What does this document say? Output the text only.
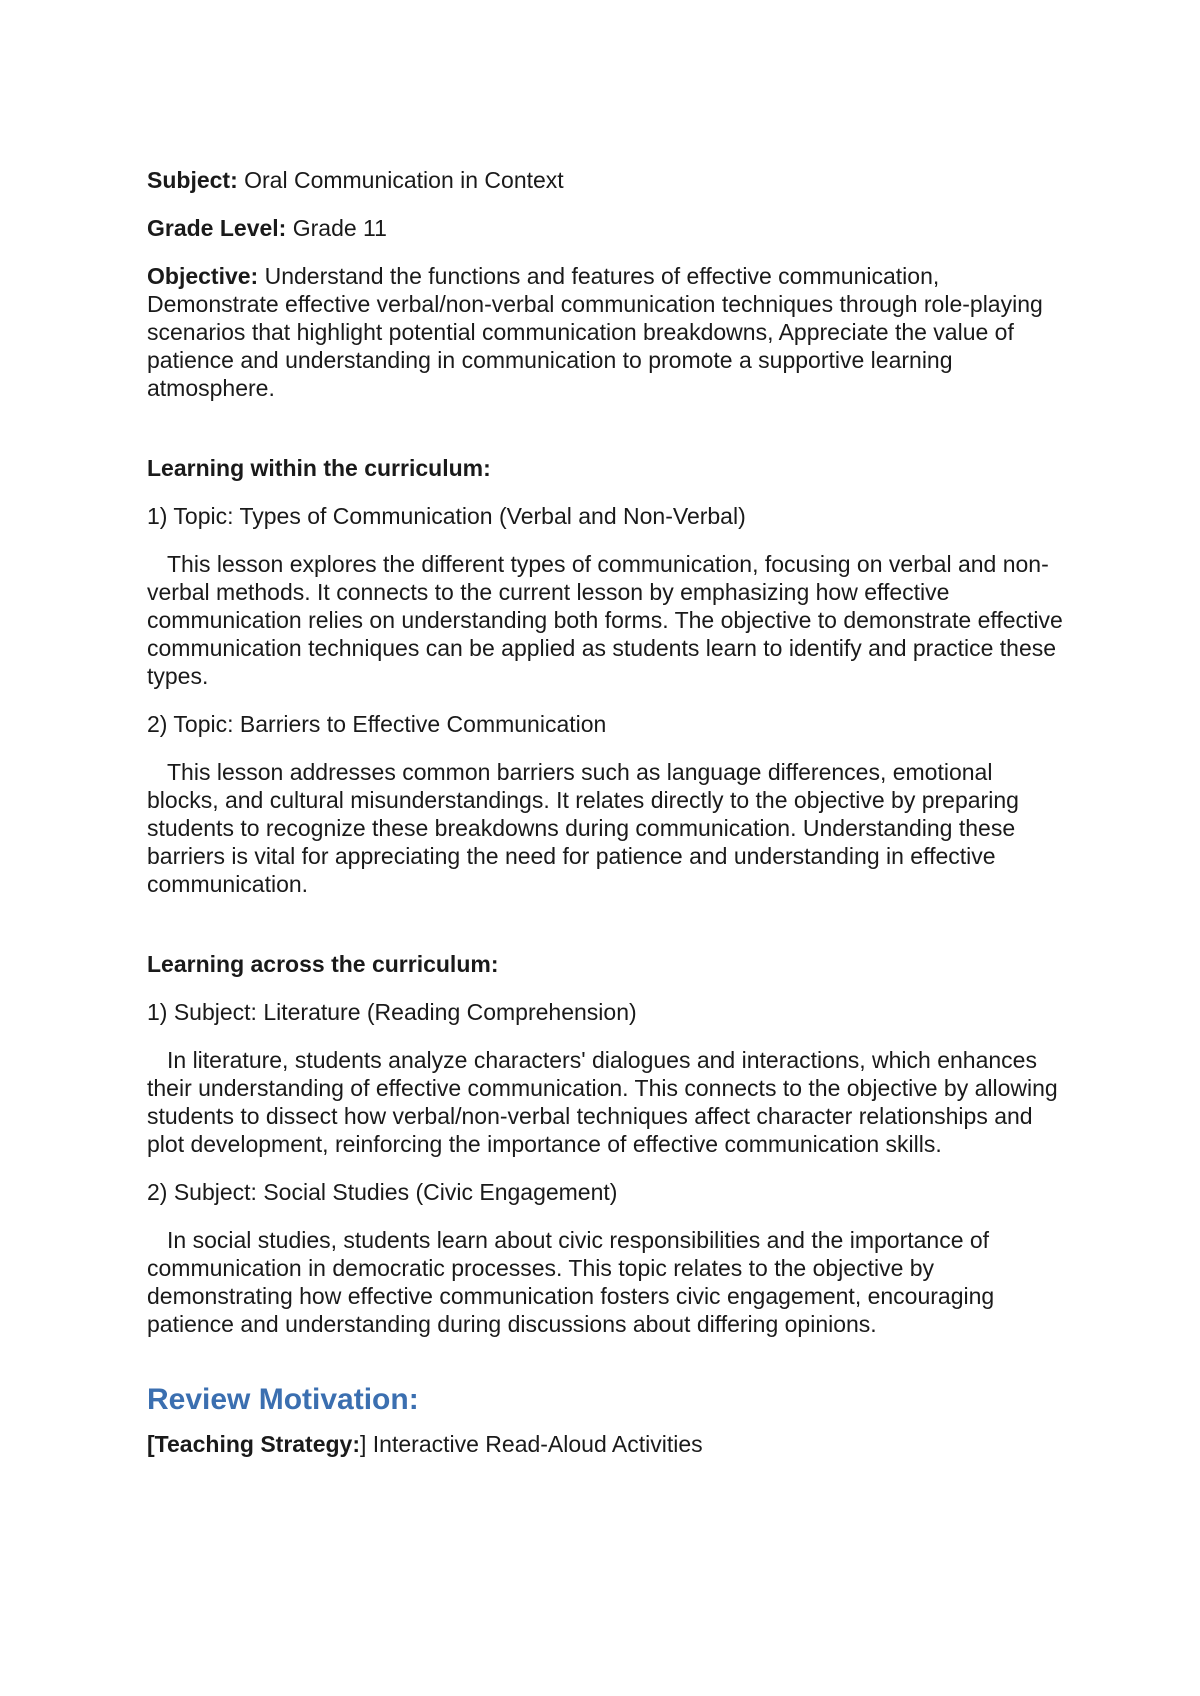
Subject: Oral Communication in Context

Grade Level: Grade 11

Objective: Understand the functions and features of effective communication, Demonstrate effective verbal/non-verbal communication techniques through role-playing scenarios that highlight potential communication breakdowns, Appreciate the value of patience and understanding in communication to promote a supportive learning atmosphere.

Learning within the curriculum:

1) Topic: Types of Communication (Verbal and Non-Verbal)

This lesson explores the different types of communication, focusing on verbal and non-verbal methods. It connects to the current lesson by emphasizing how effective communication relies on understanding both forms. The objective to demonstrate effective communication techniques can be applied as students learn to identify and practice these types.

2) Topic: Barriers to Effective Communication

This lesson addresses common barriers such as language differences, emotional blocks, and cultural misunderstandings. It relates directly to the objective by preparing students to recognize these breakdowns during communication. Understanding these barriers is vital for appreciating the need for patience and understanding in effective communication.

Learning across the curriculum:

1) Subject: Literature (Reading Comprehension)

In literature, students analyze characters' dialogues and interactions, which enhances their understanding of effective communication. This connects to the objective by allowing students to dissect how verbal/non-verbal techniques affect character relationships and plot development, reinforcing the importance of effective communication skills.

2) Subject: Social Studies (Civic Engagement)

In social studies, students learn about civic responsibilities and the importance of communication in democratic processes. This topic relates to the objective by demonstrating how effective communication fosters civic engagement, encouraging patience and understanding during discussions about differing opinions.

Review Motivation:

[Teaching Strategy:] Interactive Read-Aloud Activities
